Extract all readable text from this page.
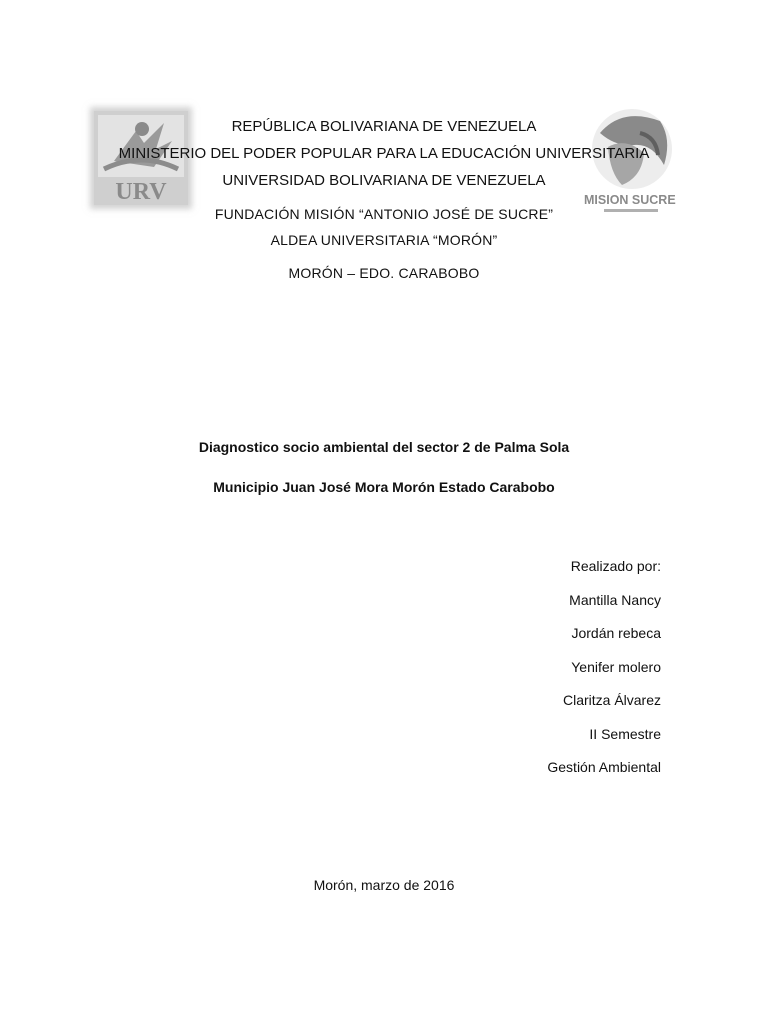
URV	MISION SUCRE
REPÚBLICA BOLIVARIANA DE VENEZUELA
MINISTERIO DEL PODER POPULAR PARA LA EDUCACIÓN UNIVERSITARIA
UNIVERSIDAD BOLIVARIANA DE VENEZUELA
FUNDACIÓN MISIÓN “ANTONIO JOSÉ DE SUCRE”
ALDEA UNIVERSITARIA “MORÓN”
MORÓN – EDO. CARABOBO
Diagnostico socio ambiental del sector 2 de Palma Sola
Municipio Juan José Mora Morón Estado Carabobo
Realizado por:
Mantilla Nancy
Jordán rebeca
Yenifer molero
Claritza Álvarez
II Semestre
Gestión Ambiental
Morón, marzo de 2016
